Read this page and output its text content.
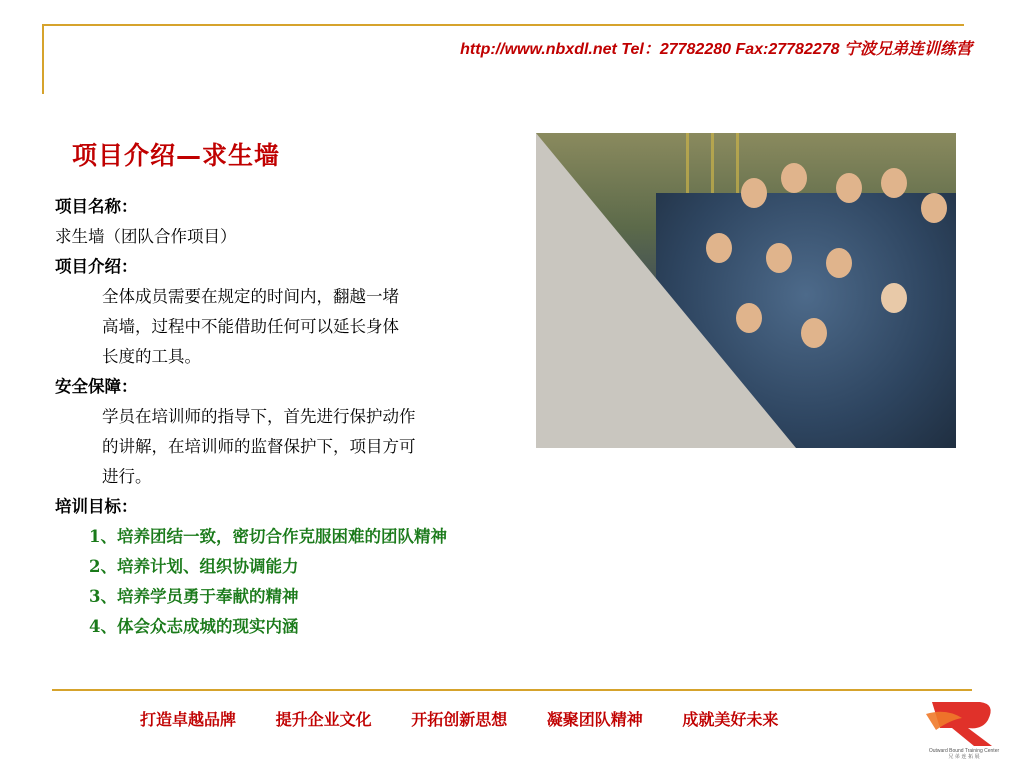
http://www.nbxdl.net Tel：27782280 Fax:27782278 宁波兄弟连训练营
项目介绍—求生墙
项目名称：
求生墙（团队合作项目）
项目介绍：
全体成员需要在规定的时间内，翻越一堵
高墙，过程中不能借助任何可以延长身体
长度的工具。
安全保障：
学员在培训师的指导下，首先进行保护动作
的讲解，在培训师的监督保护下，项目方可
进行。
培训目标：
1、培养团结一致，密切合作克服困难的团队精神
2、培养计划、组织协调能力
3、培养学员勇于奉献的精神
4、体会众志成城的现实内涵
打造卓越品牌 提升企业文化 开拓创新思想 凝聚团队精神 成就美好未来
Outward Bound Training Center
兄 弟 连 拓 展
